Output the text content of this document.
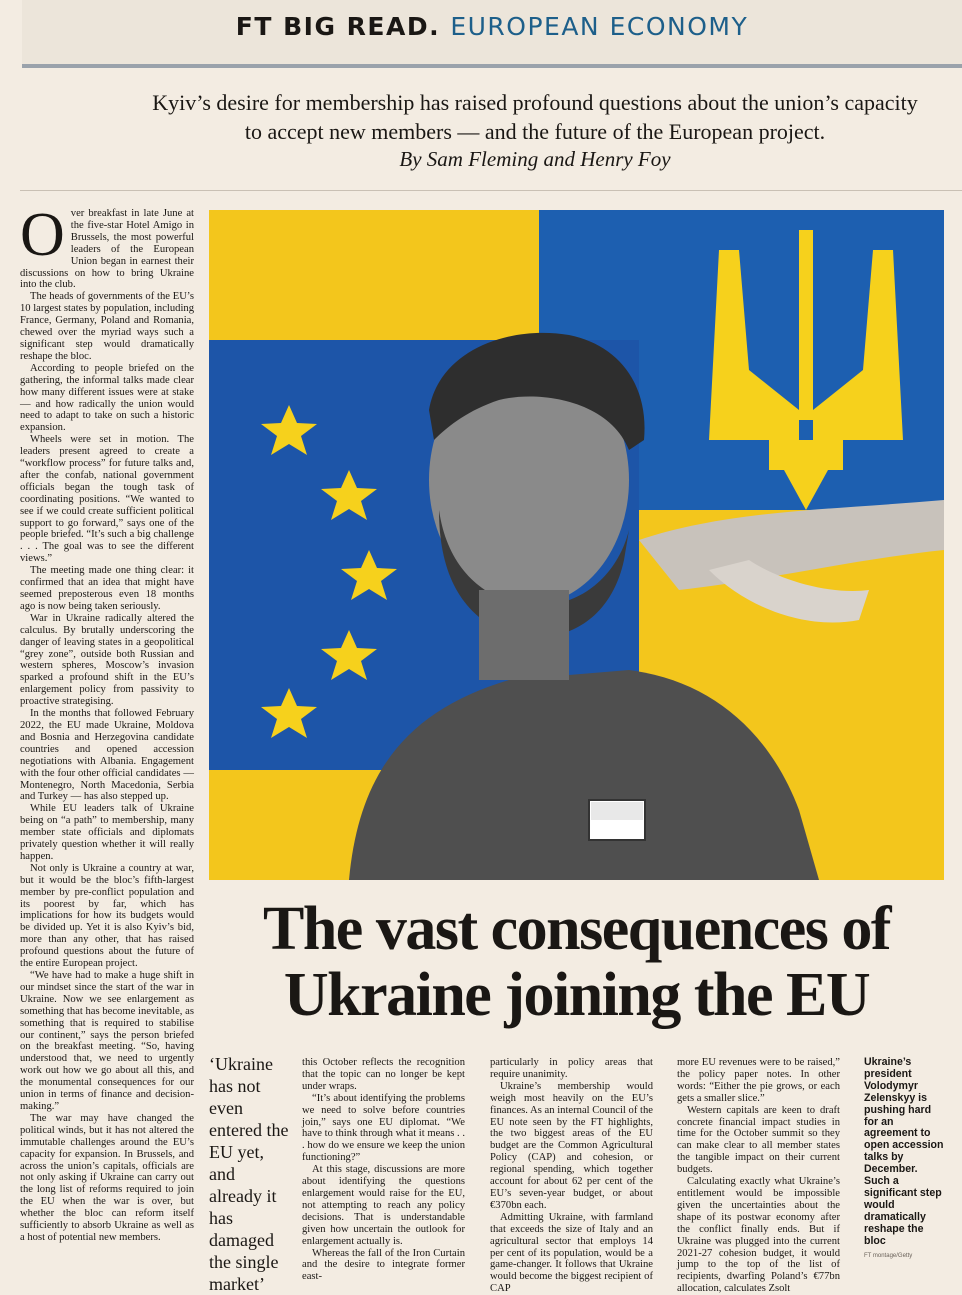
FT BIG READ. EUROPEAN ECONOMY
Kyiv’s desire for membership has raised profound questions about the union’s capacity
to accept new members — and the future of the European project.
By Sam Fleming and Henry Foy
O ver breakfast in late June at the five-star Hotel Amigo in Brussels, the most powerful leaders of the European Union began in earnest their discussions on how to bring Ukraine into the club.

The heads of governments of the EU’s 10 largest states by population, including France, Germany, Poland and Romania, chewed over the myriad ways such a significant step would dramatically reshape the bloc.

According to people briefed on the gathering, the informal talks made clear how many different issues were at stake — and how radically the union would need to adapt to take on such a historic expansion.

Wheels were set in motion. The leaders present agreed to create a “workflow process” for future talks and, after the confab, national government officials began the tough task of coordinating positions. “We wanted to see if we could create sufficient political support to go forward,” says one of the people briefed. “It’s such a big challenge . . . The goal was to see the different views.”

The meeting made one thing clear: it confirmed that an idea that might have seemed preposterous even 18 months ago is now being taken seriously.

War in Ukraine radically altered the calculus. By brutally underscoring the danger of leaving states in a geopolitical “grey zone”, outside both Russian and western spheres, Moscow’s invasion sparked a profound shift in the EU’s enlargement policy from passivity to proactive strategising.

In the months that followed February 2022, the EU made Ukraine, Moldova and Bosnia and Herzegovina candidate countries and opened accession negotiations with Albania. Engagement with the four other official candidates — Montenegro, North Macedonia, Serbia and Turkey — has also stepped up.

While EU leaders talk of Ukraine being on “a path” to membership, many member state officials and diplomats privately question whether it will really happen.

Not only is Ukraine a country at war, but it would be the bloc’s fifth-largest member by pre-conflict population and its poorest by far, which has implications for how its budgets would be divided up. Yet it is also Kyiv’s bid, more than any other, that has raised profound questions about the future of the entire European project.

“We have had to make a huge shift in our mindset since the start of the war in Ukraine. Now we see enlargement as something that has become inevitable, as something that is required to stabilise our continent,” says the person briefed on the breakfast meeting. “So, having understood that, we need to urgently work out how we go about all this, and the monumental consequences for our union in terms of finance and decision-making.”

The war may have changed the political winds, but it has not altered the immutable challenges around the EU’s capacity for expansion. In Brussels, and across the union’s capitals, officials are not only asking if Ukraine can carry out the long list of reforms required to join the EU when the war is over, but whether the bloc can reform itself sufficiently to absorb Ukraine as well as a host of potential new members.

The vast consequences of
Ukraine joining the EU
‘Ukraine has not even entered the EU yet, and already it has damaged the single market’

this October reflects the recognition that the topic can no longer be kept under wraps.

“It’s about identifying the problems we need to solve before countries join,” says one EU diplomat. “We have to think through what it means . . . how do we ensure we keep the union functioning?”

At this stage, discussions are more about identifying the questions enlargement would raise for the EU, not attempting to reach any policy decisions. That is understandable given how uncertain the outlook for enlargement actually is.

Whereas the fall of the Iron Curtain and the desire to integrate former east-

particularly in policy areas that require unanimity.

Ukraine’s membership would weigh most heavily on the EU’s finances. As an internal Council of the EU note seen by the FT highlights, the two biggest areas of the EU budget are the Common Agricultural Policy (CAP) and cohesion, or regional spending, which together account for about 62 per cent of the EU’s seven-year budget, or about €370bn each.

Admitting Ukraine, with farmland that exceeds the size of Italy and an agricultural sector that employs 14 per cent of its population, would be a game-changer. It follows that Ukraine would become the biggest recipient of CAP

more EU revenues were to be raised,” the policy paper notes. In other words: “Either the pie grows, or each gets a smaller slice.”

Western capitals are keen to draft concrete financial impact studies in time for the October summit so they can make clear to all member states the tangible impact on their current budgets.

Calculating exactly what Ukraine’s entitlement would be impossible given the uncertainties about the shape of its postwar economy after the conflict finally ends. But if Ukraine was plugged into the current 2021-27 cohesion budget, it would jump to the top of the list of recipients, dwarfing Poland’s €77bn allocation, calculates Zsolt

Ukraine’s president Volodymyr Zelenskyy is pushing hard for an agreement to open accession talks by December. Such a significant step would dramatically reshape the bloc
FT montage/Getty
